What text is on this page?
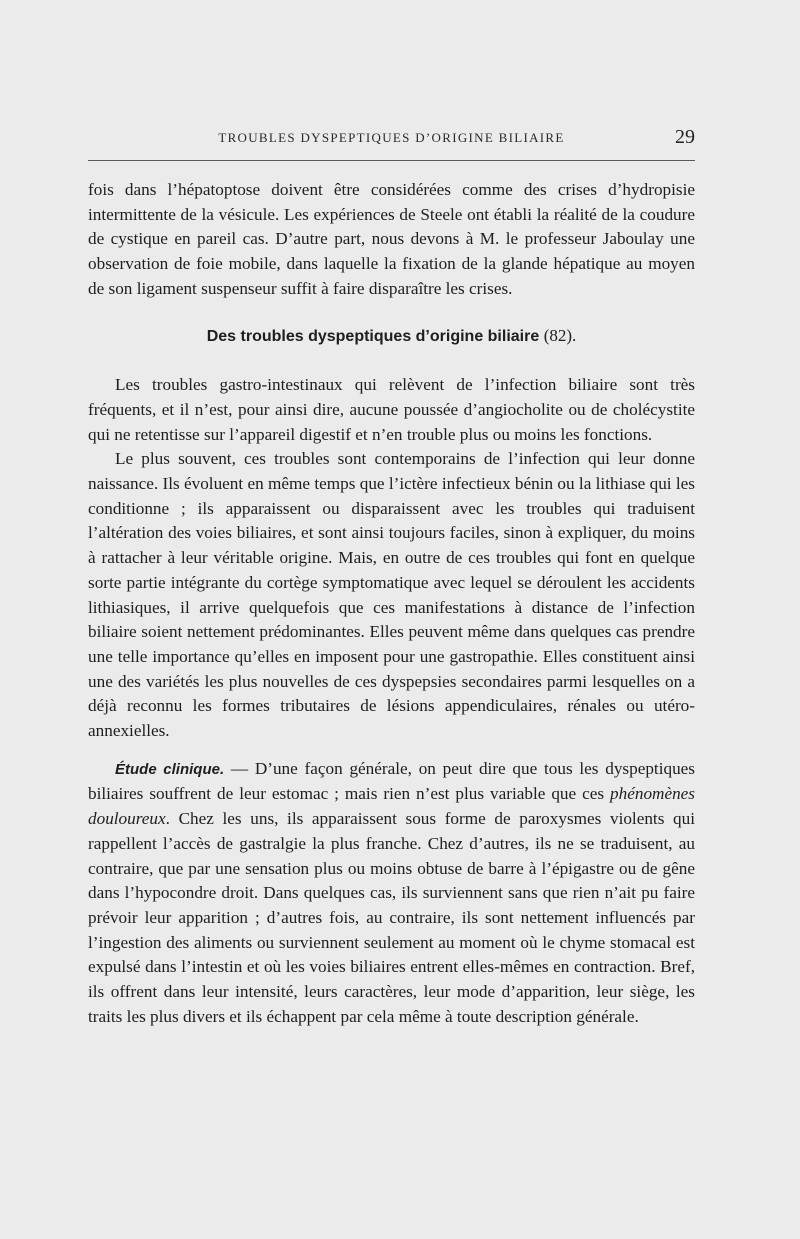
TROUBLES DYSPEPTIQUES D’ORIGINE BILIAIRE	29

fois dans l’hépatoptose doivent être considérées comme des crises d’hydropisie intermittente de la vésicule. Les expériences de Steele ont établi la réalité de la coudure de cystique en pareil cas. D’autre part, nous devons à M. le professeur Jaboulay une observation de foie mobile, dans laquelle la fixation de la glande hépatique au moyen de son ligament suspenseur suffit à faire disparaître les crises.

Des troubles dyspeptiques d’origine biliaire (82).

Les troubles gastro-intestinaux qui relèvent de l’infection biliaire sont très fréquents, et il n’est, pour ainsi dire, aucune poussée d’angiocholite ou de cholécystite qui ne retentisse sur l’appareil digestif et n’en trouble plus ou moins les fonctions.

Le plus souvent, ces troubles sont contemporains de l’infection qui leur donne naissance. Ils évoluent en même temps que l’ictère infectieux bénin ou la lithiase qui les conditionne ; ils apparaissent ou disparaissent avec les troubles qui traduisent l’altération des voies biliaires, et sont ainsi toujours faciles, sinon à expliquer, du moins à rattacher à leur véritable origine. Mais, en outre de ces troubles qui font en quelque sorte partie intégrante du cortège symptomatique avec lequel se déroulent les accidents lithiasiques, il arrive quelquefois que ces manifestations à distance de l’infection biliaire soient nettement prédominantes. Elles peuvent même dans quelques cas prendre une telle importance qu’elles en imposent pour une gastropathie. Elles constituent ainsi une des variétés les plus nouvelles de ces dyspepsies secondaires parmi lesquelles on a déjà reconnu les formes tributaires de lésions appendiculaires, rénales ou utéro-annexielles.

Étude clinique. — D’une façon générale, on peut dire que tous les dyspeptiques biliaires souffrent de leur estomac ; mais rien n’est plus variable que ces phénomènes douloureux. Chez les uns, ils apparaissent sous forme de paroxysmes violents qui rappellent l’accès de gastralgie la plus franche. Chez d’autres, ils ne se traduisent, au contraire, que par une sensation plus ou moins obtuse de barre à l’épigastre ou de gêne dans l’hypocondre droit. Dans quelques cas, ils surviennent sans que rien n’ait pu faire prévoir leur apparition ; d’autres fois, au contraire, ils sont nettement influencés par l’ingestion des aliments ou surviennent seulement au moment où le chyme stomacal est expulsé dans l’intestin et où les voies biliaires entrent elles-mêmes en contraction. Bref, ils offrent dans leur intensité, leurs caractères, leur mode d’apparition, leur siège, les traits les plus divers et ils échappent par cela même à toute description générale.
